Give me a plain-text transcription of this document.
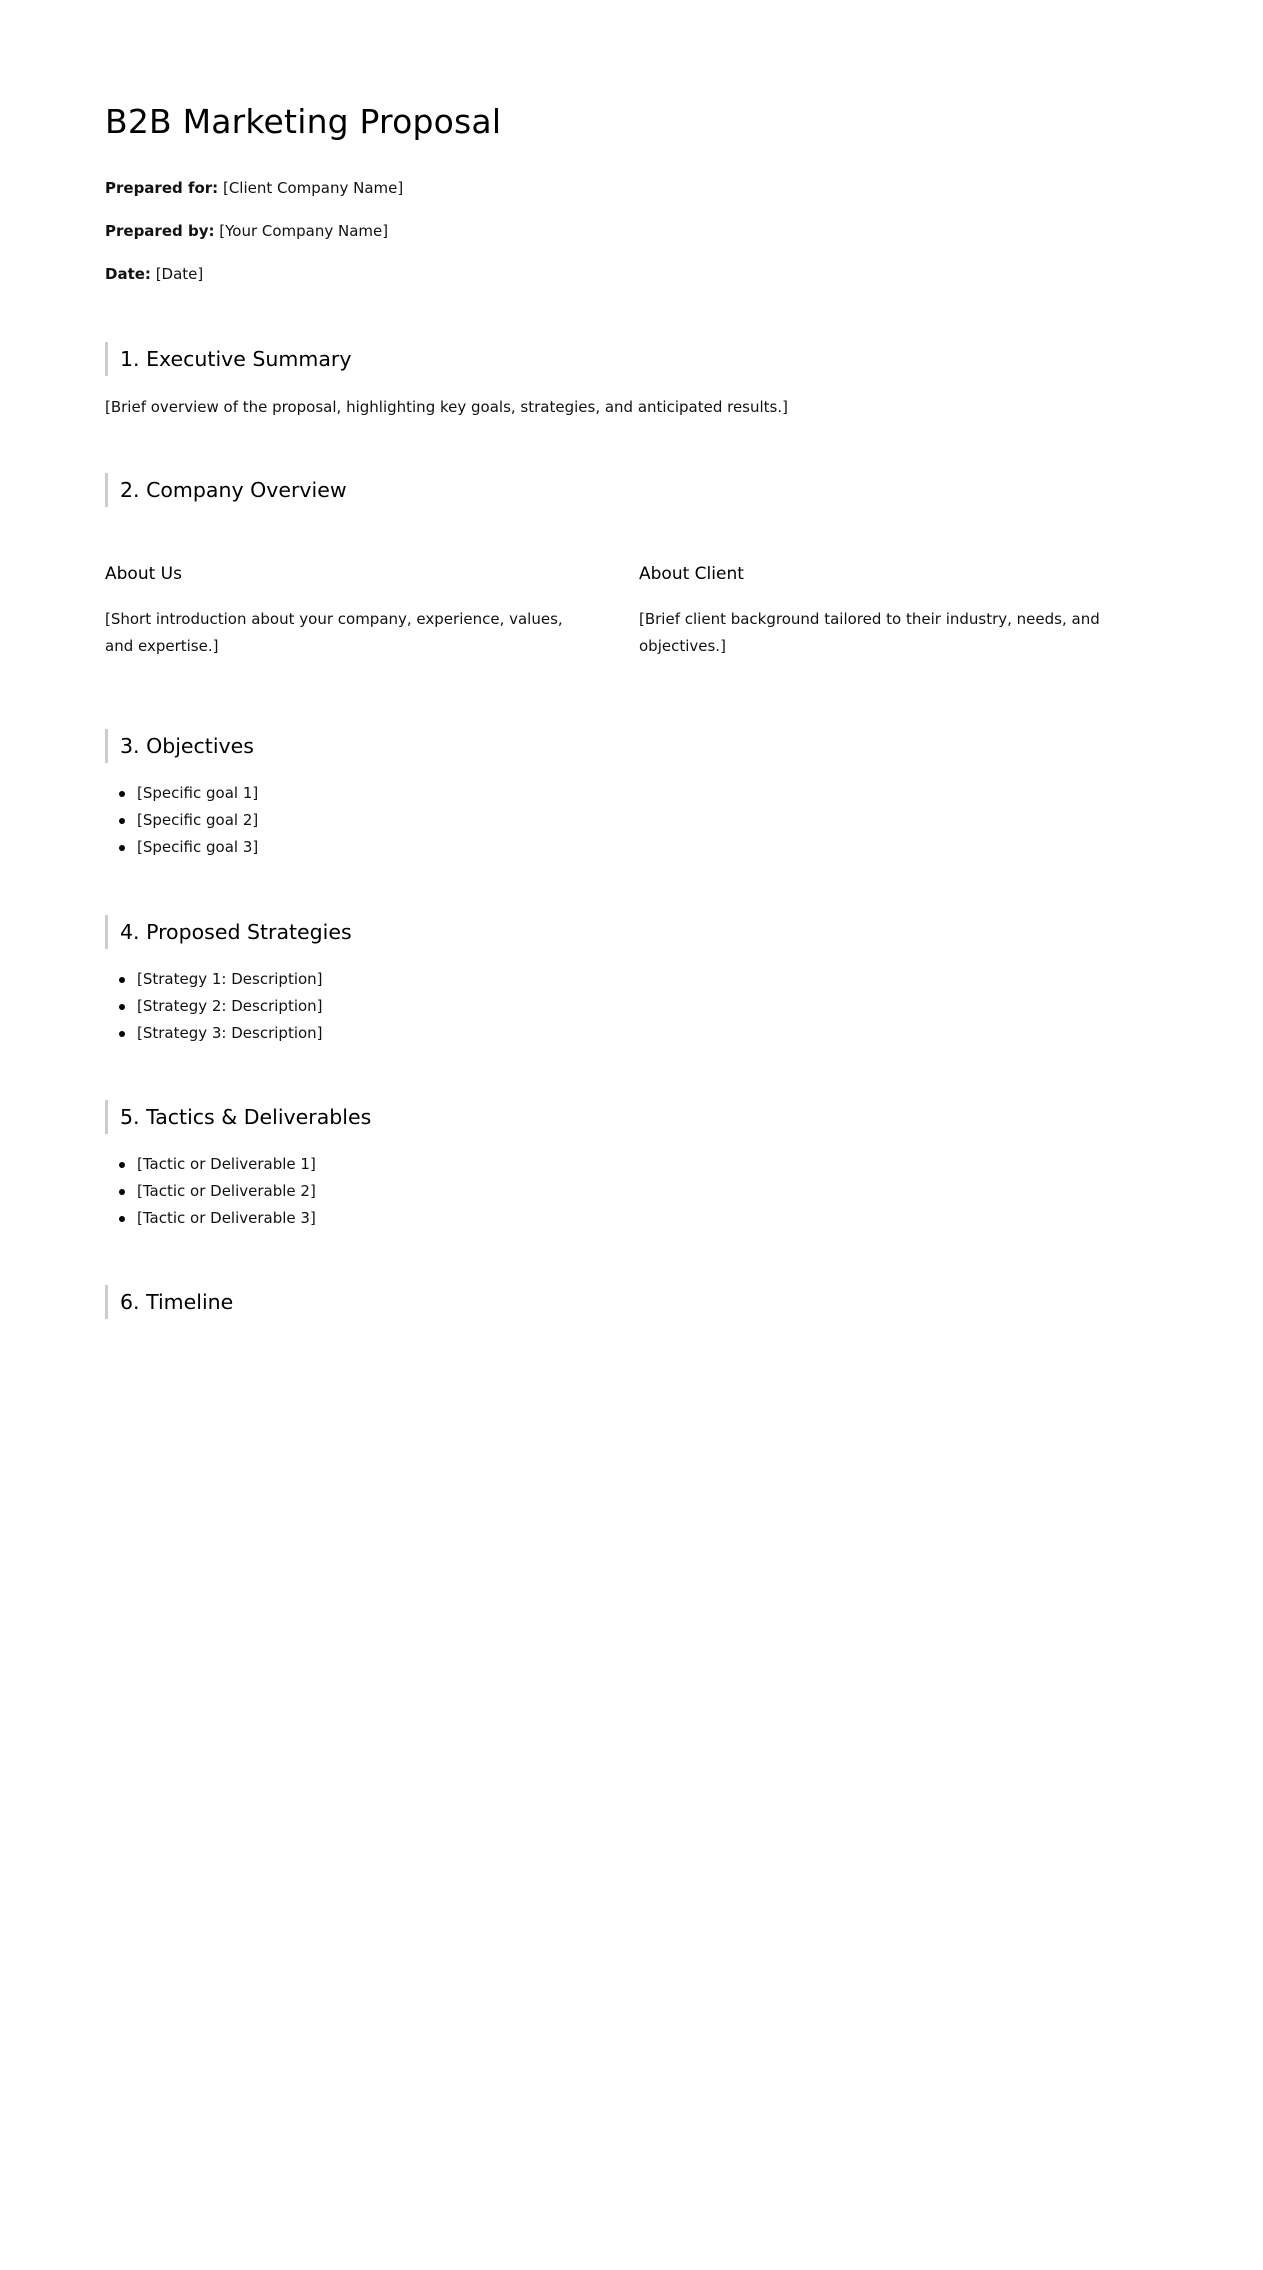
B2B Marketing Proposal

Prepared for: [Client Company Name]

Prepared by: [Your Company Name]

Date: [Date]

1. Executive Summary

[Brief overview of the proposal, highlighting key goals, strategies, and anticipated results.]

2. Company Overview
About Us

[Short introduction about your company, experience, values, and expertise.]

About Client

[Brief client background tailored to their industry, needs, and objectives.]

3. Objectives
[Specific goal 1]
[Specific goal 2]
[Specific goal 3]
4. Proposed Strategies
[Strategy 1: Description]
[Strategy 2: Description]
[Strategy 3: Description]
5. Tactics & Deliverables
[Tactic or Deliverable 1]
[Tactic or Deliverable 2]
[Tactic or Deliverable 3]
6. Timeline
